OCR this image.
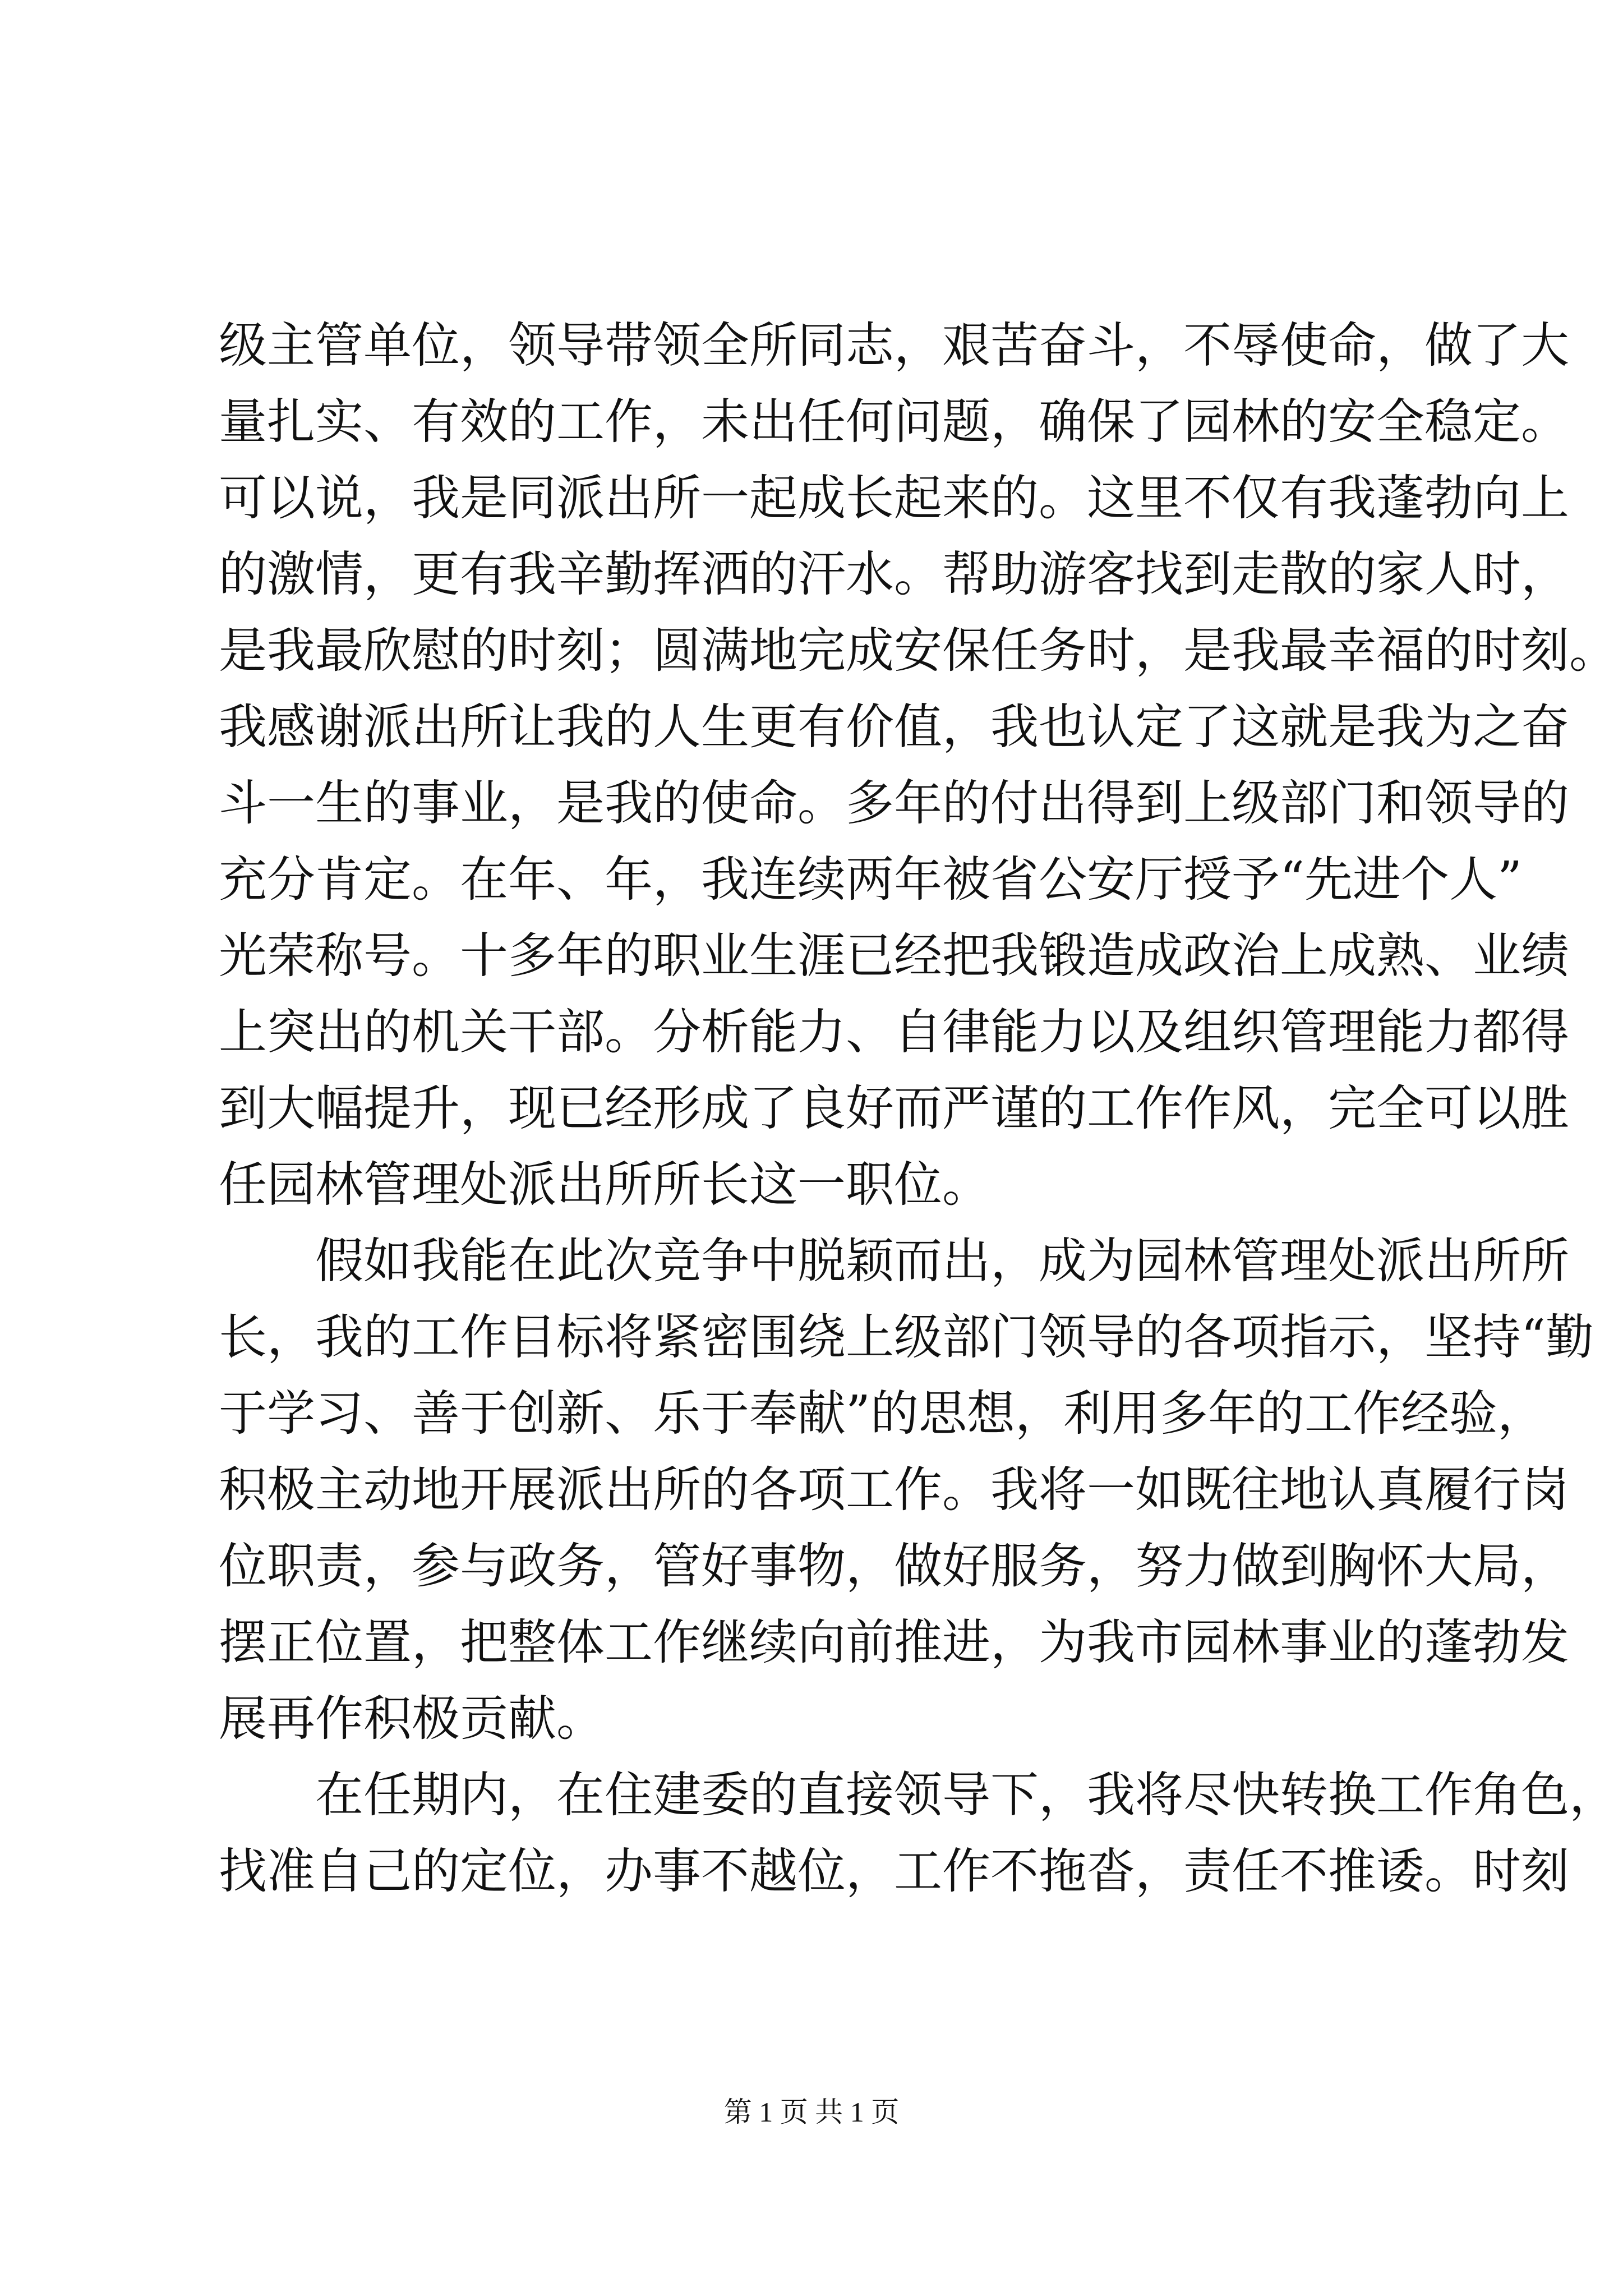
级主管单位，领导带领全所同志，艰苦奋斗，不辱使命，做了大
量扎实、有效的工作，未出任何问题，确保了园林的安全稳定。
可以说，我是同派出所一起成长起来的。这里不仅有我蓬勃向上
的激情，更有我辛勤挥洒的汗水。帮助游客找到走散的家人时，
是我最欣慰的时刻；圆满地完成安保任务时，是我最幸福的时刻。
我感谢派出所让我的人生更有价值，我也认定了这就是我为之奋
斗一生的事业，是我的使命。多年的付出得到上级部门和领导的
充分肯定。在年、年，我连续两年被省公安厅授予“先进个人”
光荣称号。十多年的职业生涯已经把我锻造成政治上成熟、业绩
上突出的机关干部。分析能力、自律能力以及组织管理能力都得
到大幅提升，现已经形成了良好而严谨的工作作风，完全可以胜
任园林管理处派出所所长这一职位。
假如我能在此次竞争中脱颖而出，成为园林管理处派出所所
长，我的工作目标将紧密围绕上级部门领导的各项指示，坚持“勤
于学习、善于创新、乐于奉献”的思想，利用多年的工作经验，
积极主动地开展派出所的各项工作。我将一如既往地认真履行岗
位职责，参与政务，管好事物，做好服务，努力做到胸怀大局，
摆正位置，把整体工作继续向前推进，为我市园林事业的蓬勃发
展再作积极贡献。
在任期内，在住建委的直接领导下，我将尽快转换工作角色，
找准自己的定位，办事不越位，工作不拖沓，责任不推诿。时刻
第 1 页 共 1 页
